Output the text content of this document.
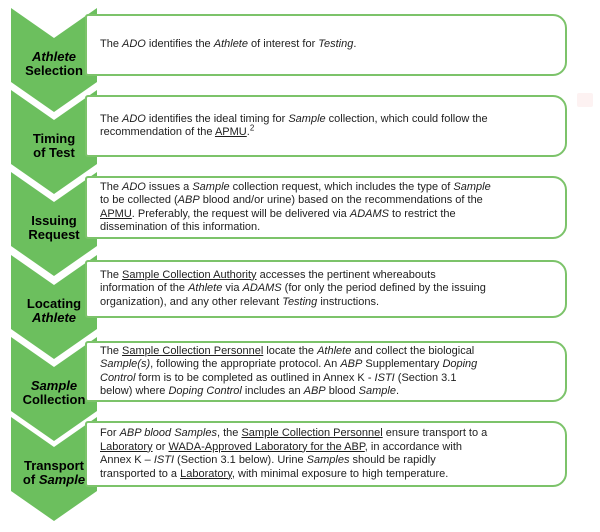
Athlete
Selection
The ADO identifies the Athlete of interest for Testing.
Timing
of Test
The ADO identifies the ideal timing for Sample collection, which could follow the
recommendation of the APMU.$^2$
Issuing
Request
The ADO issues a Sample collection request, which includes the type of Sample
to be collected (ABP blood and/or urine) based on the recommendations of the
APMU. Preferably, the request will be delivered via ADAMS to restrict the
dissemination of this information.
Locating
Athlete
The Sample Collection Authority accesses the pertinent whereabouts
information of the Athlete via ADAMS (for only the period defined by the issuing
organization), and any other relevant Testing instructions.
Sample
Collection
The Sample Collection Personnel locate the Athlete and collect the biological
Sample(s), following the appropriate protocol. An ABP Supplementary Doping
Control form is to be completed as outlined in Annex K - ISTI (Section 3.1
below) where Doping Control includes an ABP blood Sample.
Transport
of Sample
For ABP blood Samples, the Sample Collection Personnel ensure transport to a
Laboratory or WADA-Approved Laboratory for the ABP, in accordance with
Annex K – ISTI (Section 3.1 below). Urine Samples should be rapidly
transported to a Laboratory, with minimal exposure to high temperature.
